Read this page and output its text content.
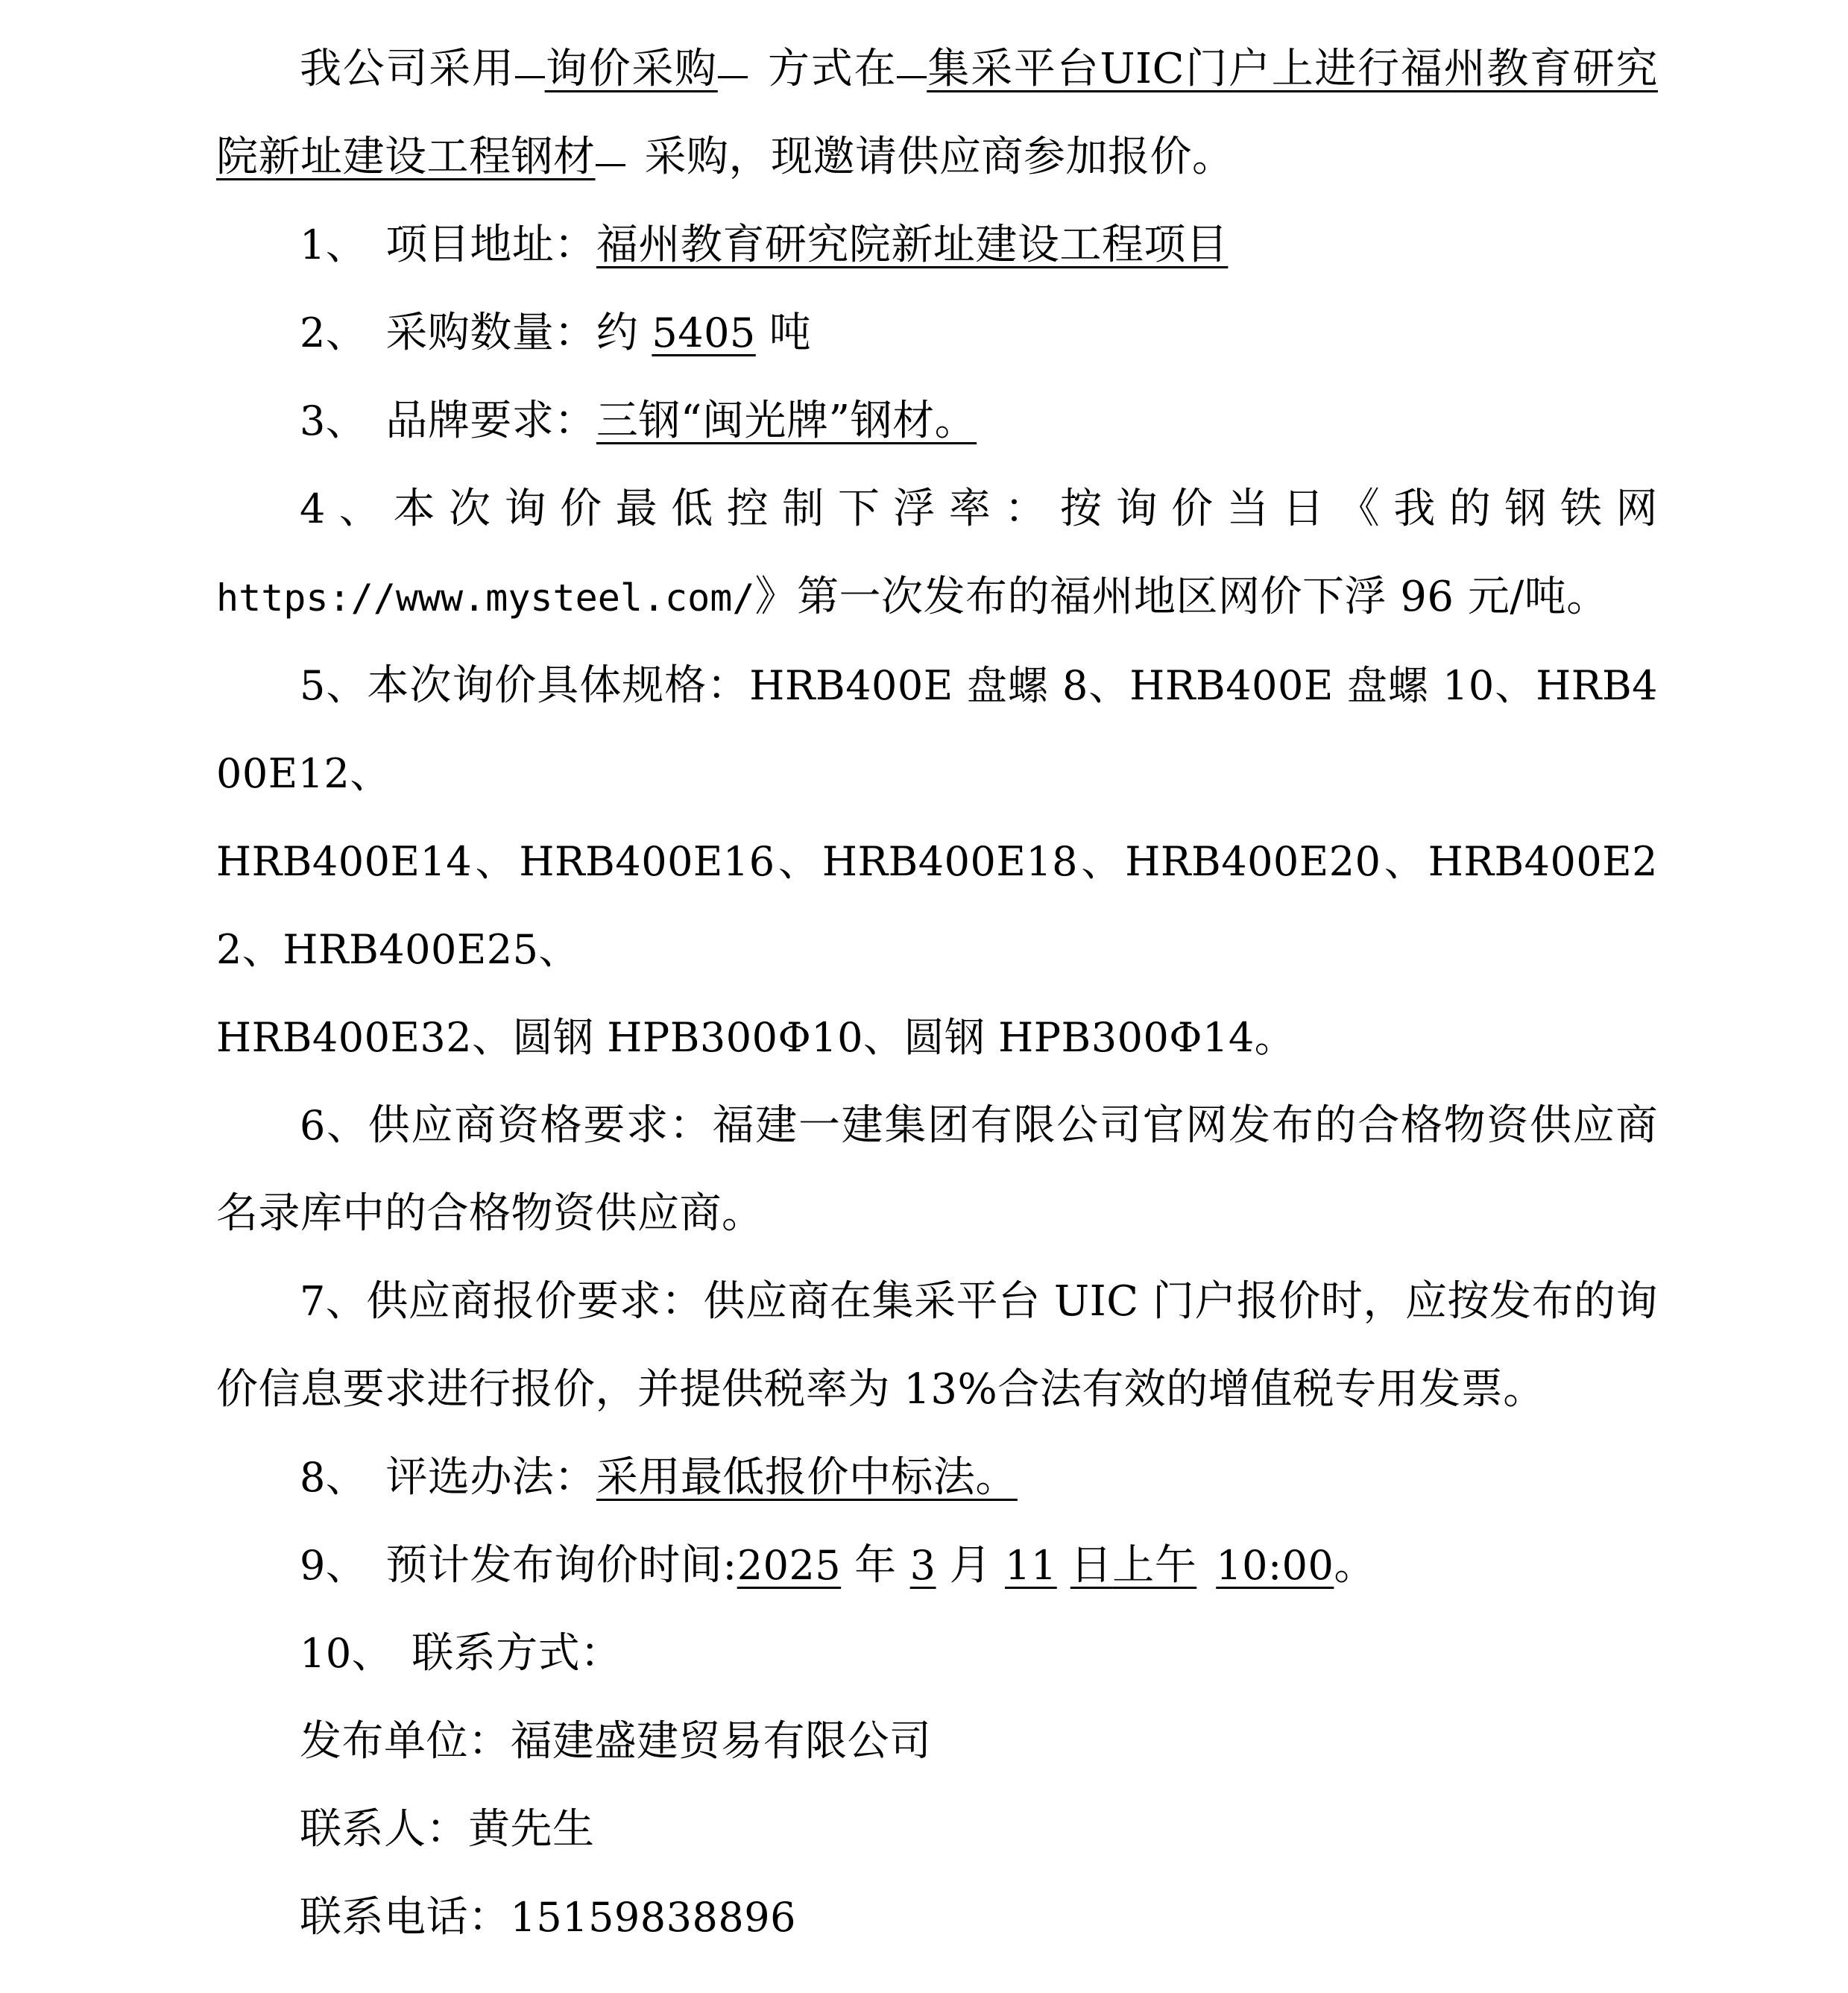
我公司采用 询价采购 方式在 集采平台UIC门户上进行福州教育研究院新址建设工程钢材 采购，现邀请供应商参加报价。

1、 项目地址：福州教育研究院新址建设工程项目

2、 采购数量：约 5405 吨

3、 品牌要求：三钢“闽光牌”钢材。

4、本次询价最低控制下浮率：按询价当日《我的钢铁网

https://www.mysteel.com/》第一次发布的福州地区网价下浮 96 元/吨。

5、本次询价具体规格：HRB400E 盘螺 8、HRB400E 盘螺 10、HRB400E12、

HRB400E14、HRB400E16、HRB400E18、HRB400E20、HRB400E22、HRB400E25、

HRB400E32、圆钢 HPB300Φ10、圆钢 HPB300Φ14。

6、供应商资格要求：福建一建集团有限公司官网发布的合格物资供应商名录库中的合格物资供应商。

7、供应商报价要求：供应商在集采平台 UIC 门户报价时，应按发布的询价信息要求进行报价，并提供税率为 13%合法有效的增值税专用发票。

8、 评选办法：采用最低报价中标法。

9、 预计发布询价时间:2025 年 3 月 11 日上午 10:00。

10、 联系方式：

发布单位：福建盛建贸易有限公司

联系人：黄先生

联系电话：15159838896
